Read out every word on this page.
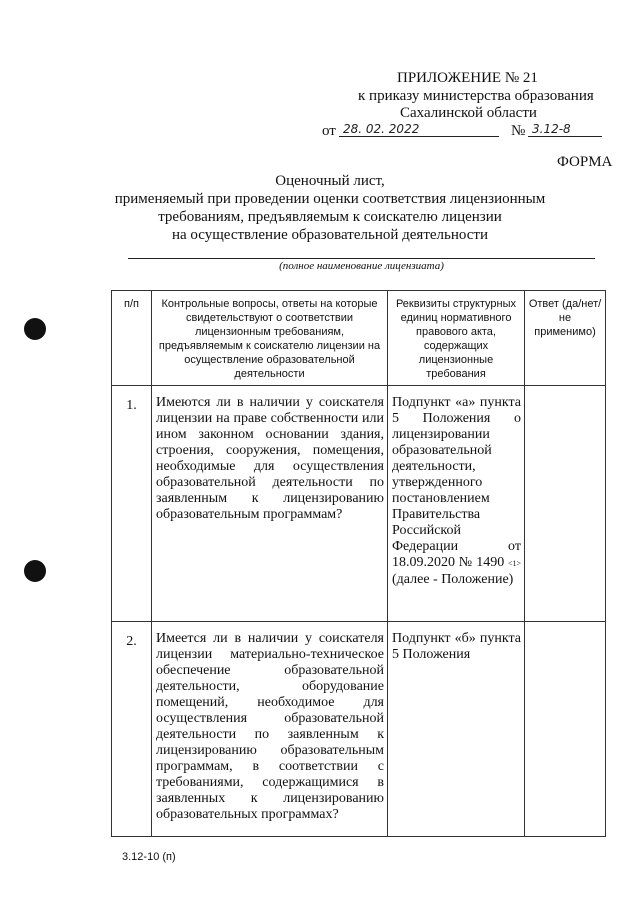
ПРИЛОЖЕНИЕ № 21
к приказу министерства образования
Сахалинской области
от 28. 02. 2022	№ 3.12-8
ФОРМА
Оценочный лист,
применяемый при проведении оценки соответствия лицензионным
требованиям, предъявляемым к соискателю лицензии
на осуществление образовательной деятельности
(полное наименование лицензиата)
п/п	Контрольные вопросы, ответы на которые свидетельствуют о соответствии лицензионным требованиям, предъявляемым к соискателю лицензии на осуществление образовательной деятельности	Реквизиты структурных единиц нормативного правового акта, содержащих лицензионные требования	Ответ (да/нет/не применимо)
1.	Имеются ли в наличии у соискателя лицензии на праве собственности или ином законном основании здания, строения, сооружения, помещения, необходимые для осуществления образовательной деятельности по заявленным к лицензированию образовательным программам?	Подпункт «а» пункта 5 Положения о лицензировании образовательной деятельности, утвержденного постановлением Правительства Российской Федерации от 18.09.2020 № 1490 <1> (далее - Положение)	
2.	Имеется ли в наличии у соискателя лицензии материально-техническое обеспечение образовательной деятельности, оборудование помещений, необходимое для осуществления образовательной деятельности по заявленным к лицензированию образовательным программам, в соответствии с требованиями, содержащимися в заявленных к лицензированию образовательных программах?	Подпункт «б» пункта 5 Положения	
3.12-10 (п)
